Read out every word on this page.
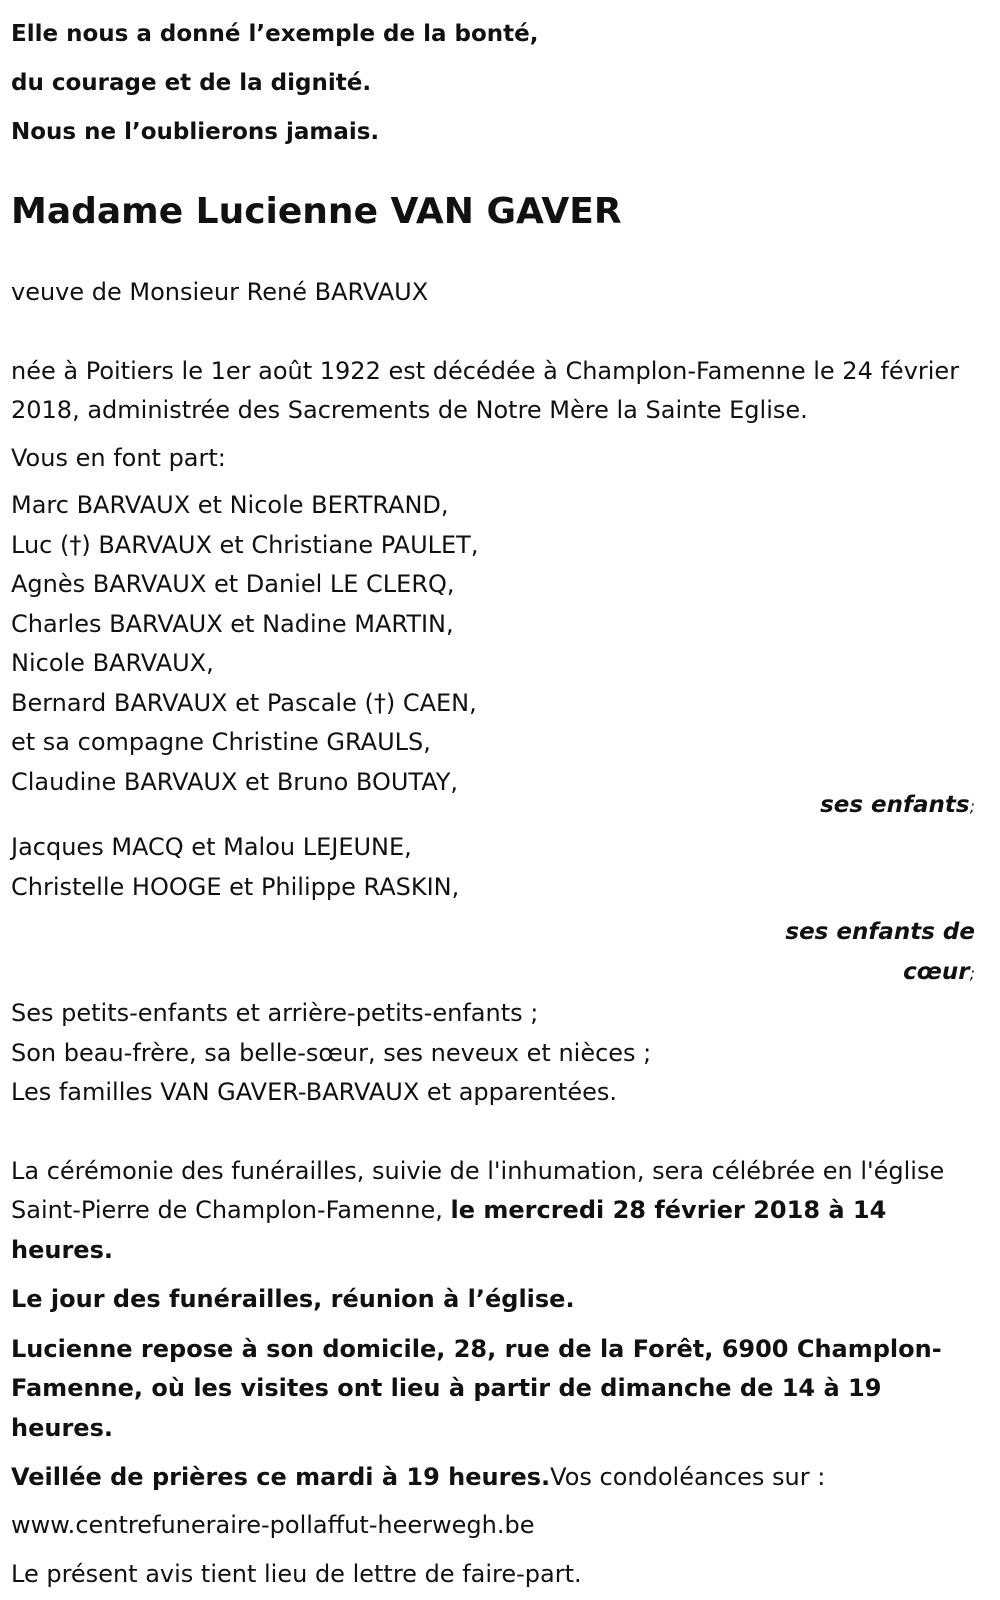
Elle nous a donné l’exemple de la bonté,

du courage et de la dignité.

Nous ne l’oublierons jamais.

Madame Lucienne VAN GAVER

veuve de Monsieur René BARVAUX

née à Poitiers le 1er août 1922 est décédée à Champlon-Famenne le 24 février 2018, administrée des Sacrements de Notre Mère la Sainte Eglise.

Vous en font part:

Marc BARVAUX et Nicole BERTRAND,
Luc (†) BARVAUX et Christiane PAULET,
Agnès BARVAUX et Daniel LE CLERQ,
Charles BARVAUX et Nadine MARTIN,
Nicole BARVAUX,
Bernard BARVAUX et Pascale (†) CAEN,
et sa compagne Christine GRAULS,
Claudine BARVAUX et Bruno BOUTAY,
ses enfants;
Jacques MACQ et Malou LEJEUNE,
Christelle HOOGE et Philippe RASKIN,
ses enfants de
cœur;
Ses petits-enfants et arrière-petits-enfants ;
Son beau-frère, sa belle-sœur, ses neveux et nièces ;
Les familles VAN GAVER-BARVAUX et apparentées.

La cérémonie des funérailles, suivie de l'inhumation, sera célébrée en l'église Saint-Pierre de Champlon-Famenne, le mercredi 28 février 2018 à 14 heures.

Le jour des funérailles, réunion à l’église.

Lucienne repose à son domicile, 28, rue de la Forêt, 6900 Champlon-Famenne, où les visites ont lieu à partir de dimanche de 14 à 19 heures.

Veillée de prières ce mardi à 19 heures.Vos condoléances sur :

www.centrefuneraire-pollaffut-heerwegh.be

Le présent avis tient lieu de lettre de faire-part.
